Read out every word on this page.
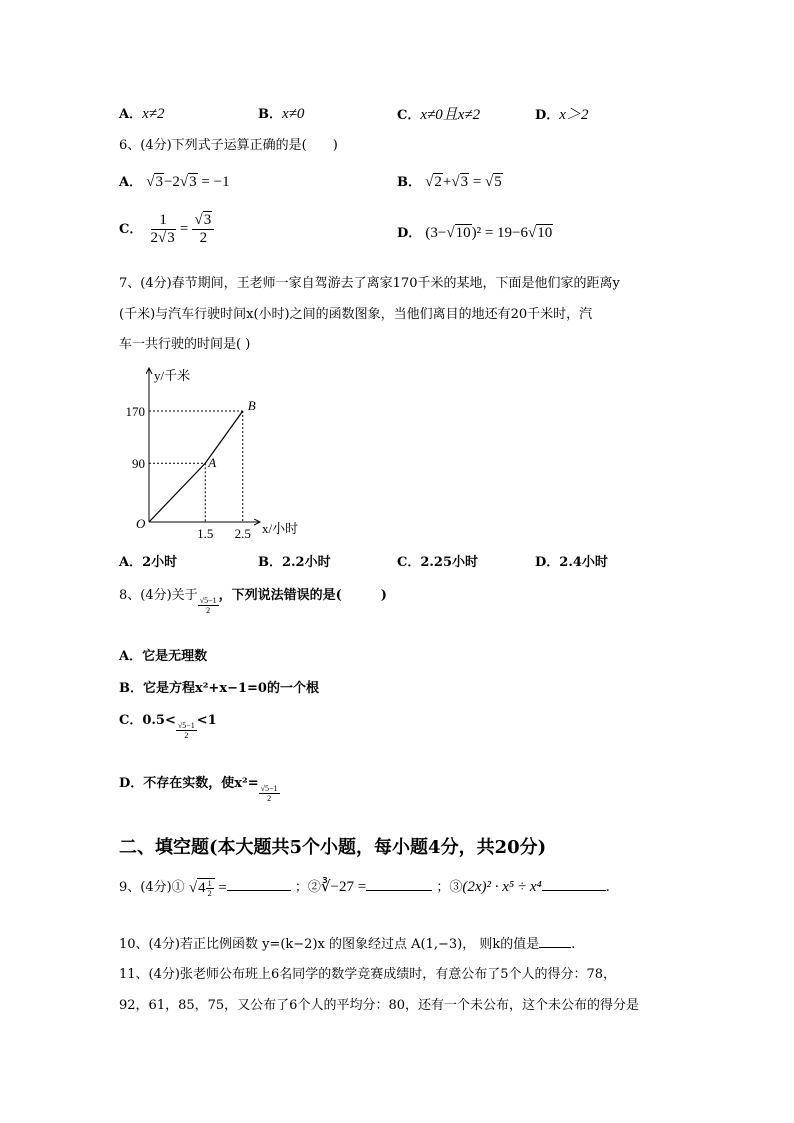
A．x≠2	B．x≠0	C．x≠0且x≠2	D．x＞2
6、(4分)下列式子运算正确的是(　　)
A． √3−2√3 = −1	B． √2+√3 = √5
C． $\frac{1}{2√3} = \frac{√3}{2}$	D． (3−√10)² = 19−6√10
7、(4分)春节期间，王老师一家自驾游去了离家170千米的某地，下面是他们家的距离y
(千米)与汽车行驶时间x(小时)之间的函数图象，当他们离目的地还有20千米时，汽
车一共行驶的时间是( )
y/千米
x/小时
O
A
B
90
170
1.5 2.5
A．2小时	B．2.2小时	C．2.25小时	D．2.4小时
8、(4分)关于
$\frac{√5-1}{2}$
，下列说法错误的是(　　　)
A．它是无理数
B．它是方程x²+x−1=0的一个根
C．0.5<
$\frac{√5-1}{2}$
<1
D．不存在实数，使x²=
$\frac{√5-1}{2}$
二、填空题(本大题共5个小题，每小题4分，共20分)
9、(4分)① $√4 \frac{1}{2}$ =	；②∛−27 =	；③(2x)² · x⁵ ÷ x⁴	.
10、(4分)若正比例函数 y=(k−2)x 的图象经过点 A(1,−3)， 则k的值是 .
11、(4分)张老师公布班上6名同学的数学竞赛成绩时，有意公布了5个人的得分：78，
92，61，85，75，又公布了6个人的平均分：80，还有一个未公布，这个未公布的得分是
